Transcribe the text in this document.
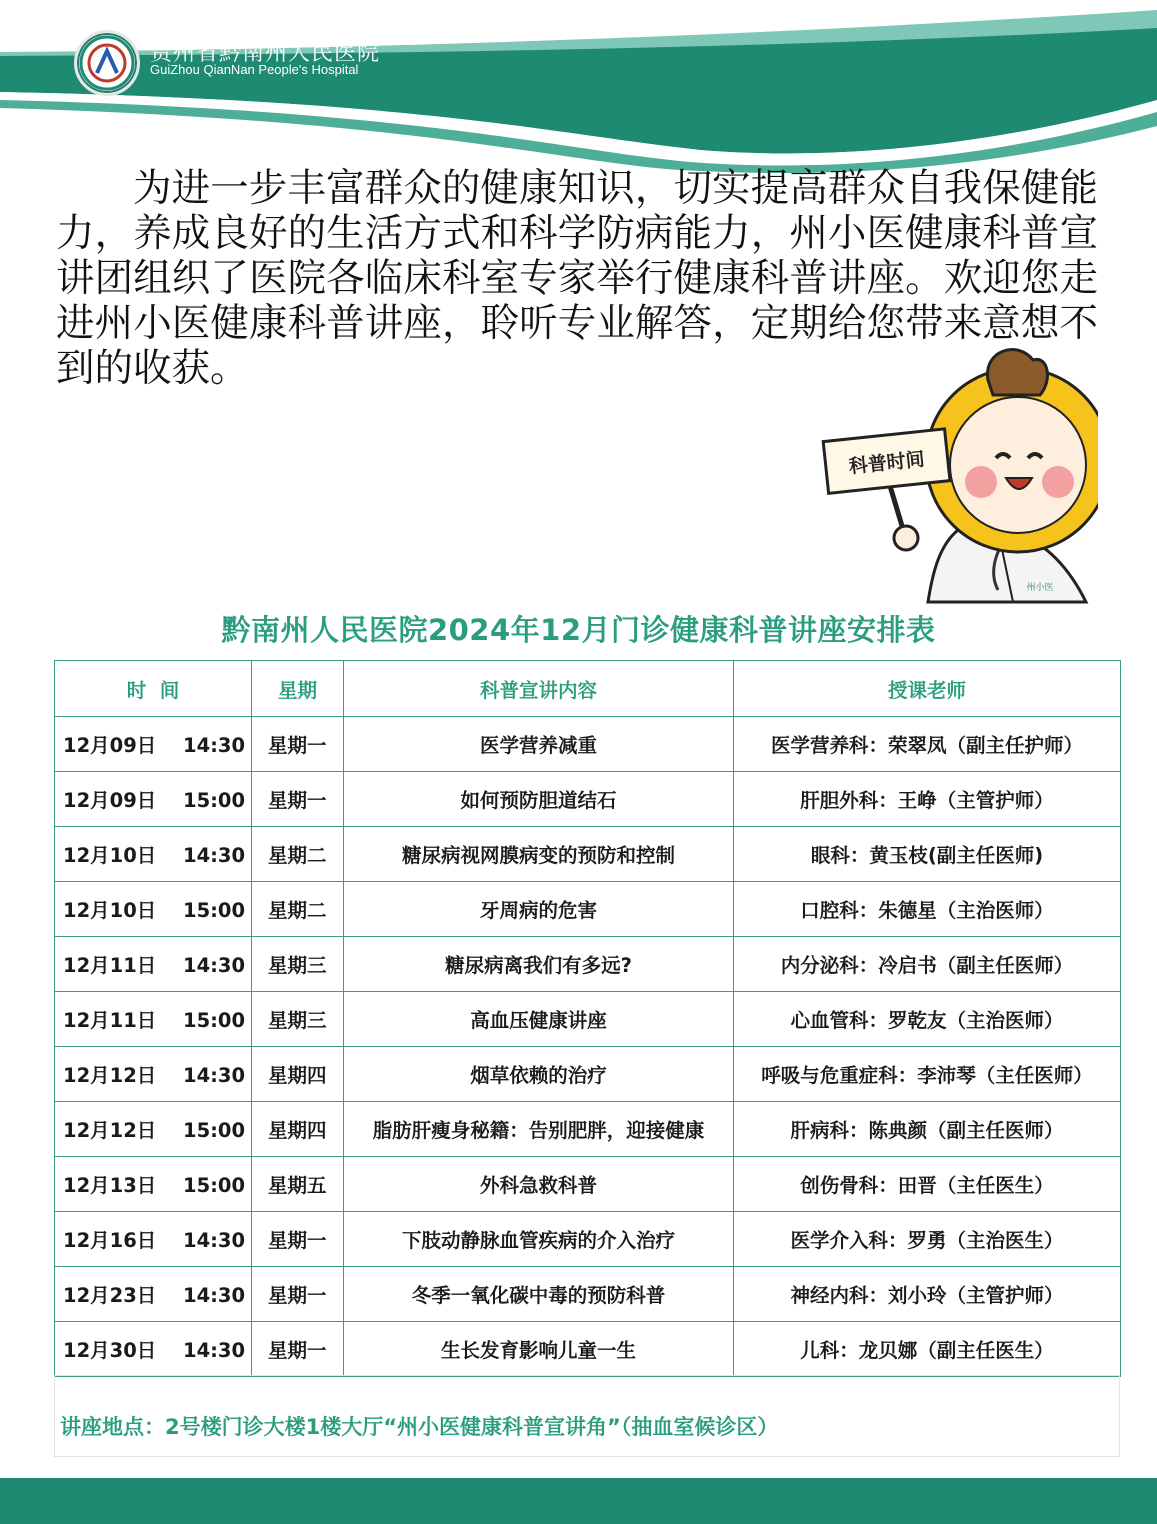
贵州省黔南州人民医院
GuiZhou QianNan People's Hospital

为进一步丰富群众的健康知识，切实提高群众自我保健能力，养成良好的生活方式和科学防病能力，州小医健康科普宣讲团组织了医院各临床科室专家举行健康科普讲座。欢迎您走进州小医健康科普讲座，聆听专业解答，定期给您带来意想不到的收获。

科普时间
州小医
黔南州人民医院2024年12月门诊健康科普讲座安排表
时  间	星期	科普宣讲内容	授课老师
12月09日 14:30	星期一	医学营养减重	医学营养科：荣翠凤（副主任护师）
12月09日 15:00	星期一	如何预防胆道结石	肝胆外科：王峥（主管护师）
12月10日 14:30	星期二	糖尿病视网膜病变的预防和控制	眼科：黄玉枝(副主任医师)
12月10日 15:00	星期二	牙周病的危害	口腔科：朱德星（主治医师）
12月11日 14:30	星期三	糖尿病离我们有多远?	内分泌科：冷启书（副主任医师）
12月11日 15:00	星期三	高血压健康讲座	心血管科：罗乾友（主治医师）
12月12日 14:30	星期四	烟草依赖的治疗	呼吸与危重症科：李沛琴（主任医师）
12月12日 15:00	星期四	脂肪肝瘦身秘籍：告别肥胖，迎接健康	肝病科：陈典颜（副主任医师）
12月13日 15:00	星期五	外科急救科普	创伤骨科：田晋（主任医生）
12月16日 14:30	星期一	下肢动静脉血管疾病的介入治疗	医学介入科：罗勇（主治医生）
12月23日 14:30	星期一	冬季一氧化碳中毒的预防科普	神经内科：刘小玲（主管护师）
12月30日 14:30	星期一	生长发育影响儿童一生	儿科：龙贝娜（副主任医生）
讲座地点：2号楼门诊大楼1楼大厅“州小医健康科普宣讲角”（抽血室候诊区）
